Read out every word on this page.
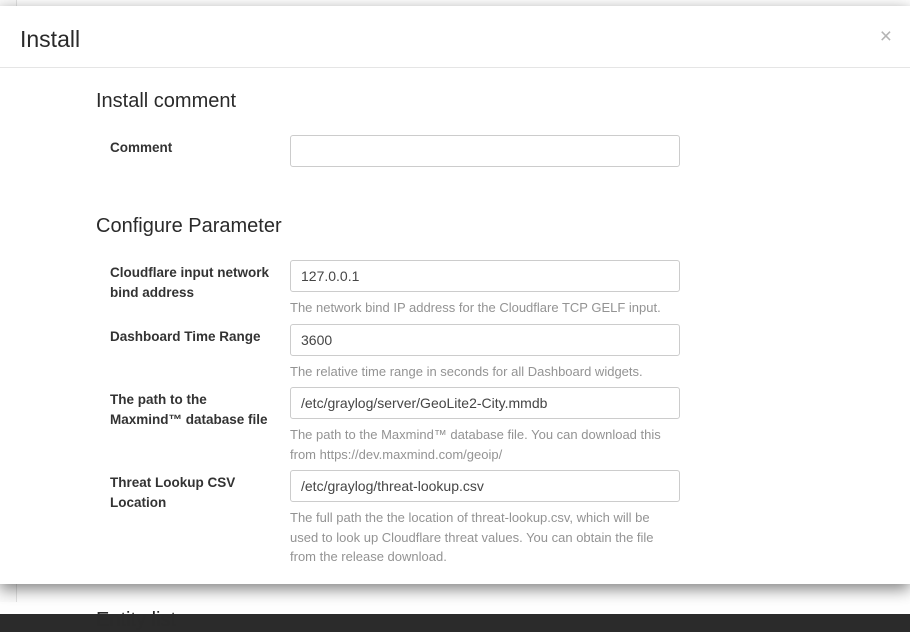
Install	×
Install comment
Comment
Configure Parameter
Cloudflare input network bind address
127.0.0.1
The network bind IP address for the Cloudflare TCP GELF input.
Dashboard Time Range
3600
The relative time range in seconds for all Dashboard widgets.
The path to the Maxmind™ database file
/etc/graylog/server/GeoLite2-City.mmdb
The path to the Maxmind™ database file. You can download this from https://dev.maxmind.com/geoip/
Threat Lookup CSV Location
/etc/graylog/threat-lookup.csv
The full path the the location of threat-lookup.csv, which will be used to look up Cloudflare threat values. You can obtain the file from the release download.
Entity list
